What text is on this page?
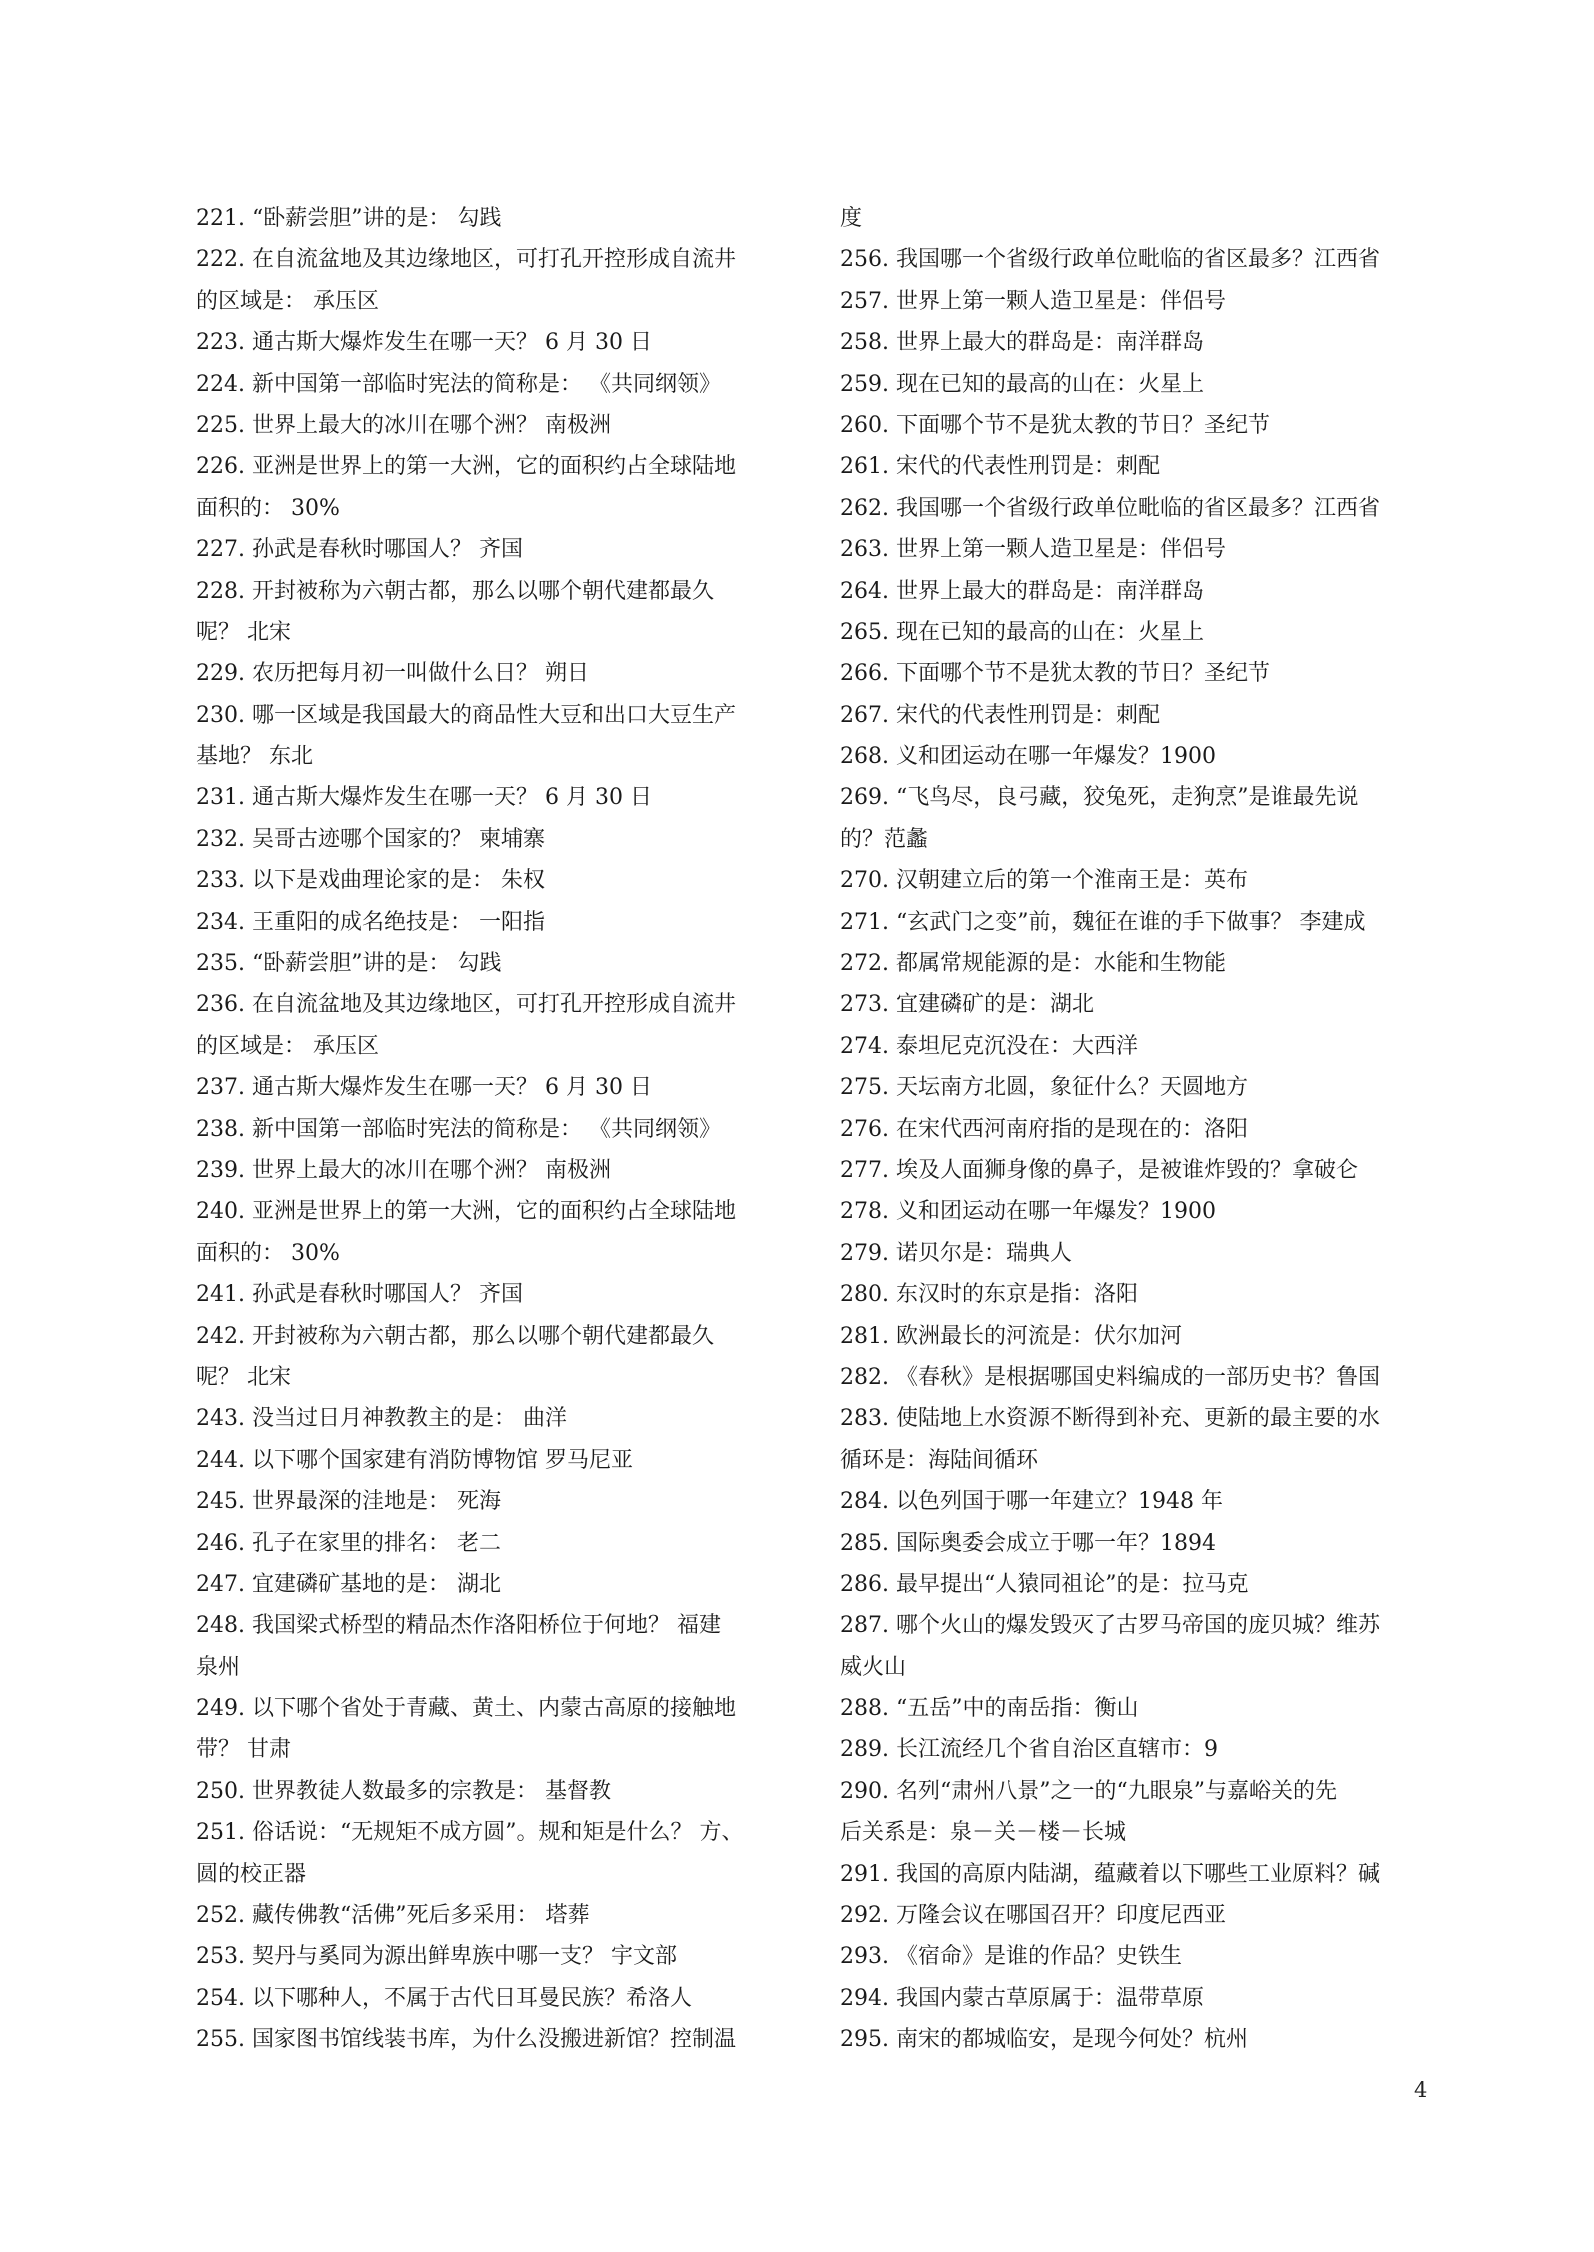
221. “卧薪尝胆”讲的是： 勾践
222. 在自流盆地及其边缘地区，可打孔开控形成自流井
的区域是： 承压区
223. 通古斯大爆炸发生在哪一天？ 6 月 30 日
224. 新中国第一部临时宪法的简称是： 《共同纲领》
225. 世界上最大的冰川在哪个洲？ 南极洲
226. 亚洲是世界上的第一大洲，它的面积约占全球陆地
面积的： 30%
227. 孙武是春秋时哪国人？ 齐国
228. 开封被称为六朝古都，那么以哪个朝代建都最久
呢？ 北宋
229. 农历把每月初一叫做什么日？ 朔日
230. 哪一区域是我国最大的商品性大豆和出口大豆生产
基地？ 东北
231. 通古斯大爆炸发生在哪一天？ 6 月 30 日
232. 吴哥古迹哪个国家的？ 柬埔寨
233. 以下是戏曲理论家的是： 朱权
234. 王重阳的成名绝技是： 一阳指
235. “卧薪尝胆”讲的是： 勾践
236. 在自流盆地及其边缘地区，可打孔开控形成自流井
的区域是： 承压区
237. 通古斯大爆炸发生在哪一天？ 6 月 30 日
238. 新中国第一部临时宪法的简称是： 《共同纲领》
239. 世界上最大的冰川在哪个洲？ 南极洲
240. 亚洲是世界上的第一大洲，它的面积约占全球陆地
面积的： 30%
241. 孙武是春秋时哪国人？ 齐国
242. 开封被称为六朝古都，那么以哪个朝代建都最久
呢？ 北宋
243. 没当过日月神教教主的是： 曲洋
244. 以下哪个国家建有消防博物馆 罗马尼亚
245. 世界最深的洼地是： 死海
246. 孔子在家里的排名： 老二
247. 宜建磷矿基地的是： 湖北
248. 我国梁式桥型的精品杰作洛阳桥位于何地？ 福建
泉州
249. 以下哪个省处于青藏、黄土、内蒙古高原的接触地
带？ 甘肃
250. 世界教徒人数最多的宗教是： 基督教
251. 俗话说：“无规矩不成方圆”。规和矩是什么？ 方、
圆的校正器
252. 藏传佛教“活佛”死后多采用： 塔葬
253. 契丹与奚同为源出鲜卑族中哪一支？ 宇文部
254. 以下哪种人，不属于古代日耳曼民族？希洛人
255. 国家图书馆线装书库，为什么没搬进新馆？控制温
度
256. 我国哪一个省级行政单位毗临的省区最多？江西省
257. 世界上第一颗人造卫星是：伴侣号
258. 世界上最大的群岛是：南洋群岛
259. 现在已知的最高的山在：火星上
260. 下面哪个节不是犹太教的节日？圣纪节
261. 宋代的代表性刑罚是：刺配
262. 我国哪一个省级行政单位毗临的省区最多？江西省
263. 世界上第一颗人造卫星是：伴侣号
264. 世界上最大的群岛是：南洋群岛
265. 现在已知的最高的山在：火星上
266. 下面哪个节不是犹太教的节日？圣纪节
267. 宋代的代表性刑罚是：刺配
268. 义和团运动在哪一年爆发？1900
269. “飞鸟尽，良弓藏，狡兔死，走狗烹”是谁最先说
的？范蠡
270. 汉朝建立后的第一个淮南王是：英布
271. “玄武门之变”前，魏征在谁的手下做事？ 李建成
272. 都属常规能源的是：水能和生物能
273. 宜建磷矿的是：湖北
274. 泰坦尼克沉没在：大西洋
275. 天坛南方北圆，象征什么？天圆地方
276. 在宋代西河南府指的是现在的：洛阳
277. 埃及人面狮身像的鼻子，是被谁炸毁的？拿破仑
278. 义和团运动在哪一年爆发？1900
279. 诺贝尔是：瑞典人
280. 东汉时的东京是指：洛阳
281. 欧洲最长的河流是：伏尔加河
282. 《春秋》是根据哪国史料编成的一部历史书？鲁国
283. 使陆地上水资源不断得到补充、更新的最主要的水
循环是：海陆间循环
284. 以色列国于哪一年建立？1948 年
285. 国际奥委会成立于哪一年？1894
286. 最早提出“人猿同祖论”的是：拉马克
287. 哪个火山的爆发毁灭了古罗马帝国的庞贝城？维苏
威火山
288. “五岳”中的南岳指：衡山
289. 长江流经几个省自治区直辖市：9
290. 名列“肃州八景”之一的“九眼泉”与嘉峪关的先
后关系是：泉－关－楼－长城
291. 我国的高原内陆湖，蕴藏着以下哪些工业原料？碱
292. 万隆会议在哪国召开？印度尼西亚
293. 《宿命》是谁的作品？史铁生
294. 我国内蒙古草原属于：温带草原
295. 南宋的都城临安，是现今何处？杭州
4
